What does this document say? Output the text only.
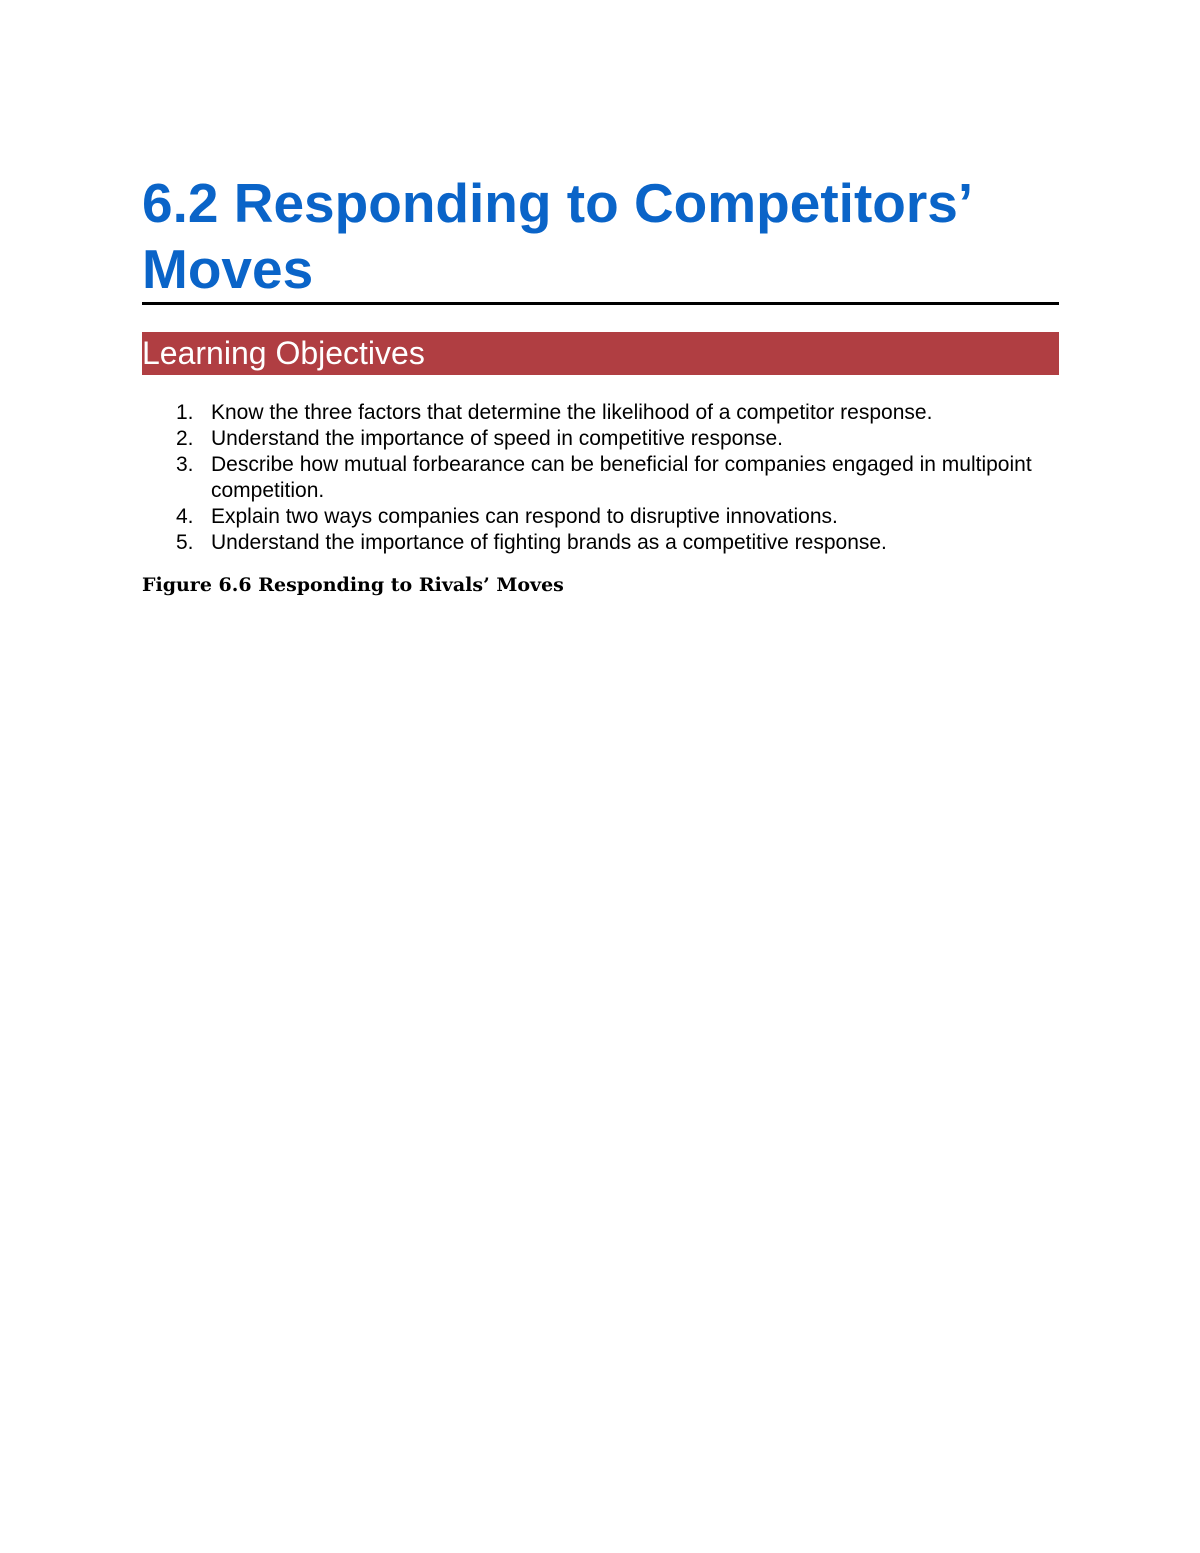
6.2 Responding to Competitors’
Moves
Learning Objectives
1. Know the three factors that determine the likelihood of a competitor response.
2. Understand the importance of speed in competitive response.
3. Describe how mutual forbearance can be beneficial for companies engaged in multipoint competition.
4. Explain two ways companies can respond to disruptive innovations.
5. Understand the importance of fighting brands as a competitive response.

Figure 6.6 Responding to Rivals’ Moves
